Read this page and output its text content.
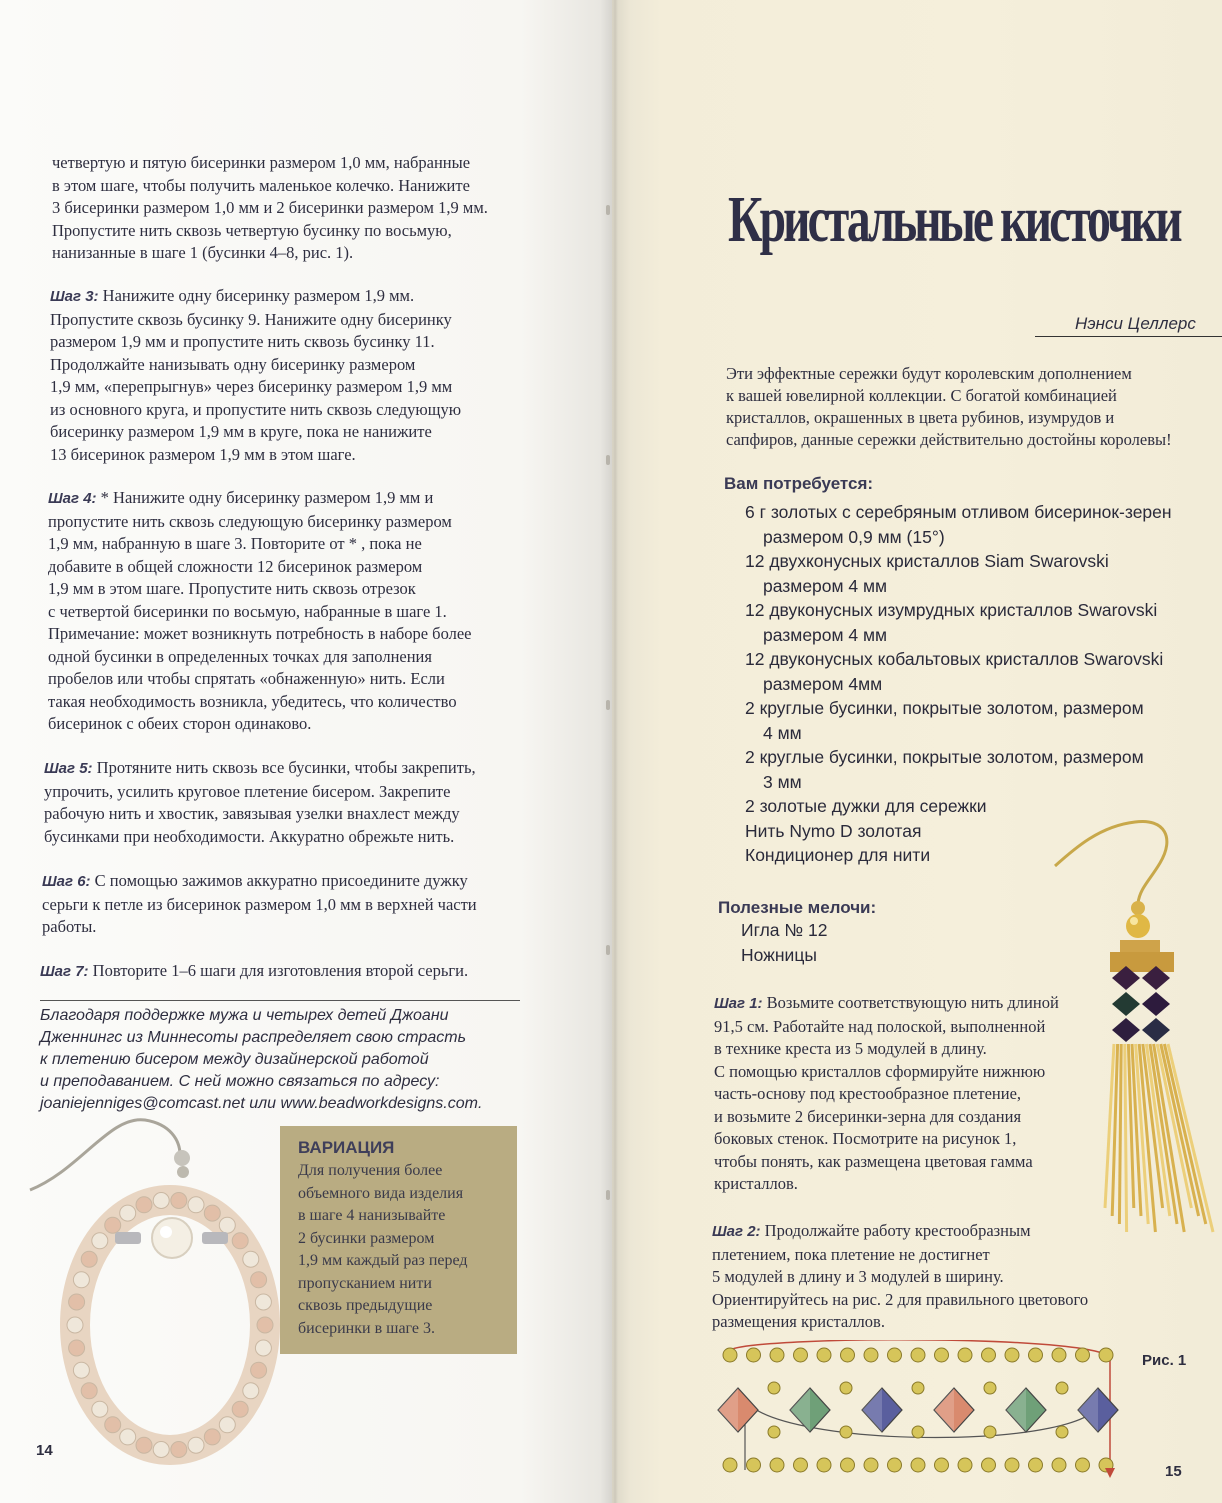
четвертую и пятую бисеринки размером 1,0 мм, набранные
в этом шаге, чтобы получить маленькое колечко. Нанижите
3 бисеринки размером 1,0 мм и 2 бисеринки размером 1,9 мм.
Пропустите нить сквозь четвертую бусинку по восьмую,
нанизанные в шаге 1 (бусинки 4–8, рис. 1).
Шаг 3: Нанижите одну бисеринку размером 1,9 мм.
Пропустите сквозь бусинку 9. Нанижите одну бисеринку
размером 1,9 мм и пропустите нить сквозь бусинку 11.
Продолжайте нанизывать одну бисеринку размером
1,9 мм, «перепрыгнув» через бисеринку размером 1,9 мм
из основного круга, и пропустите нить сквозь следующую
бисеринку размером 1,9 мм в круге, пока не нанижите
13 бисеринок размером 1,9 мм в этом шаге.
Шаг 4: * Нанижите одну бисеринку размером 1,9 мм и
пропустите нить сквозь следующую бисеринку размером
1,9 мм, набранную в шаге 3. Повторите от * , пока не
добавите в общей сложности 12 бисеринок размером
1,9 мм в этом шаге. Пропустите нить сквозь отрезок
с четвертой бисеринки по восьмую, набранные в шаге 1.
Примечание: может возникнуть потребность в наборе более
одной бусинки в определенных точках для заполнения
пробелов или чтобы спрятать «обнаженную» нить. Если
такая необходимость возникла, убедитесь, что количество
бисеринок с обеих сторон одинаково.
Шаг 5: Протяните нить сквозь все бусинки, чтобы закрепить,
упрочить, усилить круговое плетение бисером. Закрепите
рабочую нить и хвостик, завязывая узелки внахлест между
бусинками при необходимости. Аккуратно обрежьте нить.
Шаг 6: С помощью зажимов аккуратно присоедините дужку
серьги к петле из бисеринок размером 1,0 мм в верхней части
работы.
Шаг 7: Повторите 1–6 шаги для изготовления второй серьги.
Благодаря поддержке мужа и четырех детей Джоани
Дженнингс из Миннесоты распределяет свою страсть
к плетению бисером между дизайнерской работой
и преподаванием. С ней можно связаться по адресу:
joaniejenniges@comcast.net или www.beadworkdesigns.com.
ВАРИАЦИЯ
Для получения более
объемного вида изделия
в шаге 4 нанизывайте
2 бусинки размером
1,9 мм каждый раз перед
пропусканием нити
сквозь предыдущие
бисеринки в шаге 3.
14
Кристальные кисточки
Нэнси Целлерс
Эти эффектные сережки будут королевским дополнением
к вашей ювелирной коллекции. С богатой комбинацией
кристаллов, окрашенных в цвета рубинов, изумрудов и
сапфиров, данные сережки действительно достойны королевы!
Вам потребуется:
6 г золотых с серебряным отливом бисеринок-зерен
размером 0,9 мм (15°)
12 двухконусных кристаллов Siam Swarovski
размером 4 мм
12 двуконусных изумрудных кристаллов Swarovski
размером 4 мм
12 двуконусных кобальтовых кристаллов Swarovski
размером 4мм
2 круглые бусинки, покрытые золотом, размером
4 мм
2 круглые бусинки, покрытые золотом, размером
3 мм
2 золотые дужки для сережки
Нить Nymo D золотая
Кондиционер для нити
Полезные мелочи:
Игла № 12
Ножницы
Шаг 1: Возьмите соответствующую нить длиной
91,5 см. Работайте над полоской, выполненной
в технике креста из 5 модулей в длину.
С помощью кристаллов сформируйте нижнюю
часть-основу под крестообразное плетение,
и возьмите 2 бисеринки-зерна для создания
боковых стенок. Посмотрите на рисунок 1,
чтобы понять, как размещена цветовая гамма
кристаллов.
Шаг 2: Продолжайте работу крестообразным
плетением, пока плетение не достигнет
5 модулей в длину и 3 модулей в ширину.
Ориентируйтесь на рис. 2 для правильного цветового
размещения кристаллов.
Рис. 1
15
